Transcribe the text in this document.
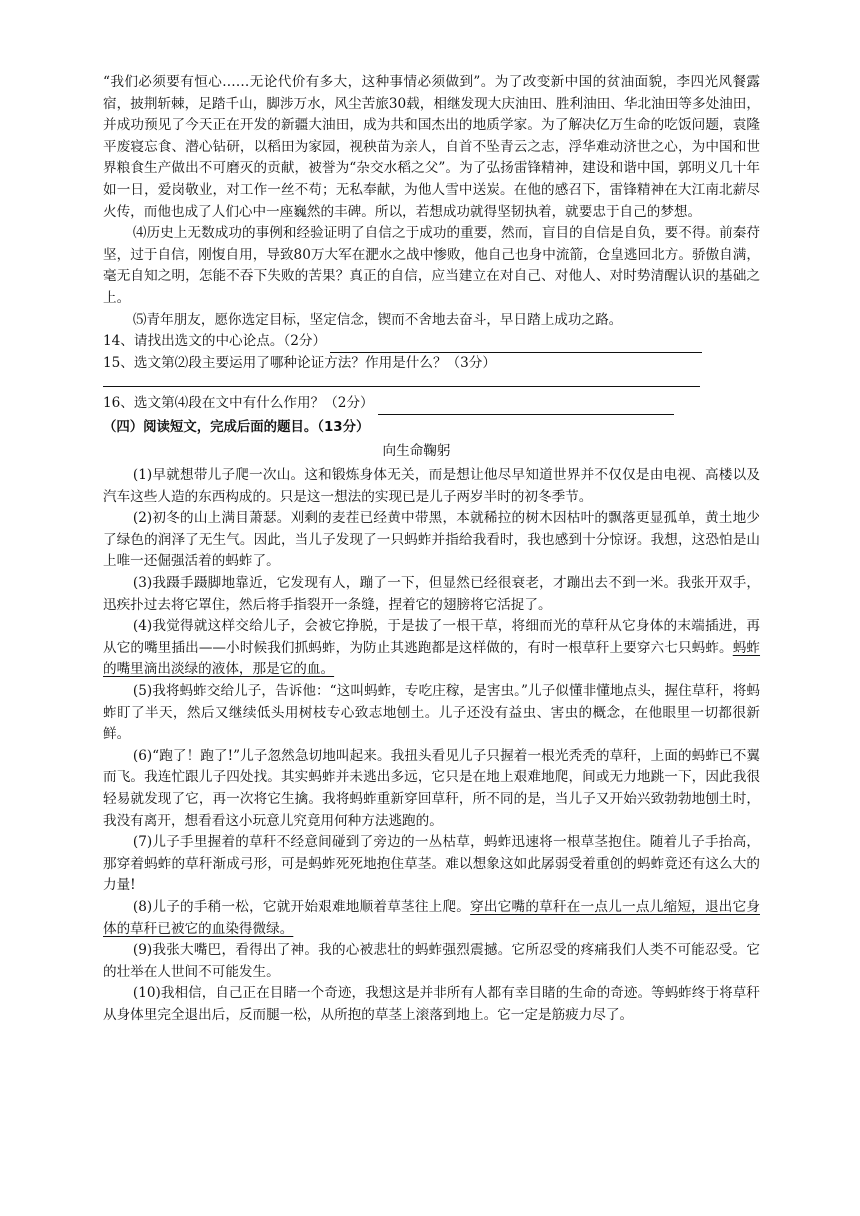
“我们必须要有恒心……无论代价有多大，这种事情必须做到”。为了改变新中国的贫油面貌，李四光风餐露宿，披荆斩棘，足踏千山，脚涉万水，风尘苦旅30载，相继发现大庆油田、胜利油田、华北油田等多处油田，并成功预见了今天正在开发的新疆大油田，成为共和国杰出的地质学家。为了解决亿万生命的吃饭问题，袁隆平废寝忘食、潜心钻研，以稻田为家园，视秧苗为亲人，自首不坠青云之志，浮华难动济世之心，为中国和世界粮食生产做出不可磨灭的贡献，被誉为“杂交水稻之父”。为了弘扬雷锋精神，建设和谐中国，郭明义几十年如一日，爱岗敬业，对工作一丝不苟；无私奉献，为他人雪中送炭。在他的感召下，雷锋精神在大江南北薪尽火传，而他也成了人们心中一座巍然的丰碑。所以，若想成功就得坚韧执着，就要忠于自己的梦想。

⑷历史上无数成功的事例和经验证明了自信之于成功的重要，然而，盲目的自信是自负，要不得。前秦苻坚，过于自信，刚愎自用，导致80万大军在淝水之战中惨败，他自己也身中流箭，仓皇逃回北方。骄傲自满，毫无自知之明，怎能不吞下失败的苦果？真正的自信，应当建立在对自己、对他人、对时势清醒认识的基础之上。

⑸青年朋友，愿你选定目标，坚定信念，锲而不舍地去奋斗，早日踏上成功之路。

14、请找出选文的中心论点。（2分）
15、选文第⑵段主要运用了哪种论证方法？作用是什么？（3分）
16、选文第⑷段在文中有什么作用？（2分）
（四）阅读短文，完成后面的题目。（13分）
向生命鞠躬

(1)早就想带儿子爬一次山。这和锻炼身体无关，而是想让他尽早知道世界并不仅仅是由电视、高楼以及汽车这些人造的东西构成的。只是这一想法的实现已是儿子两岁半时的初冬季节。

(2)初冬的山上满目萧瑟。刈剩的麦茬已经黄中带黑，本就稀拉的树木因枯叶的飘落更显孤单，黄土地少了绿色的润泽了无生气。因此，当儿子发现了一只蚂蚱并指给我看时，我也感到十分惊讶。我想，这恐怕是山上唯一还倔强活着的蚂蚱了。

(3)我蹑手蹑脚地靠近，它发现有人，蹦了一下，但显然已经很衰老，才蹦出去不到一米。我张开双手，迅疾扑过去将它罩住，然后将手指裂开一条缝，捏着它的翅膀将它活捉了。

(4)我觉得就这样交给儿子，会被它挣脱，于是拔了一根干草，将细而光的草秆从它身体的末端插进，再从它的嘴里插出——小时候我们抓蚂蚱，为防止其逃跑都是这样做的，有时一根草秆上要穿六七只蚂蚱。蚂蚱的嘴里滴出淡绿的液体，那是它的血。

(5)我将蚂蚱交给儿子，告诉他：“这叫蚂蚱，专吃庄稼，是害虫。”儿子似懂非懂地点头，握住草秆，将蚂蚱盯了半天，然后又继续低头用树枝专心致志地刨土。儿子还没有益虫、害虫的概念，在他眼里一切都很新鲜。

(6)“跑了！跑了!”儿子忽然急切地叫起来。我扭头看见儿子只握着一根光秃秃的草秆，上面的蚂蚱已不翼而飞。我连忙跟儿子四处找。其实蚂蚱并未逃出多远，它只是在地上艰难地爬，间或无力地跳一下，因此我很轻易就发现了它，再一次将它生擒。我将蚂蚱重新穿回草秆，所不同的是，当儿子又开始兴致勃勃地刨土时，我没有离开，想看看这小玩意儿究竟用何种方法逃跑的。

(7)儿子手里握着的草秆不经意间碰到了旁边的一丛枯草，蚂蚱迅速将一根草茎抱住。随着儿子手抬高，那穿着蚂蚱的草秆渐成弓形，可是蚂蚱死死地抱住草茎。难以想象这如此孱弱受着重创的蚂蚱竟还有这么大的力量!

(8)儿子的手稍一松，它就开始艰难地顺着草茎往上爬。穿出它嘴的草秆在一点儿一点儿缩短，退出它身体的草秆已被它的血染得微绿。

(9)我张大嘴巴，看得出了神。我的心被悲壮的蚂蚱强烈震撼。它所忍受的疼痛我们人类不可能忍受。它的壮举在人世间不可能发生。

(10)我相信，自己正在目睹一个奇迹，我想这是并非所有人都有幸目睹的生命的奇迹。等蚂蚱终于将草秆从身体里完全退出后，反而腿一松，从所抱的草茎上滚落到地上。它一定是筋疲力尽了。
